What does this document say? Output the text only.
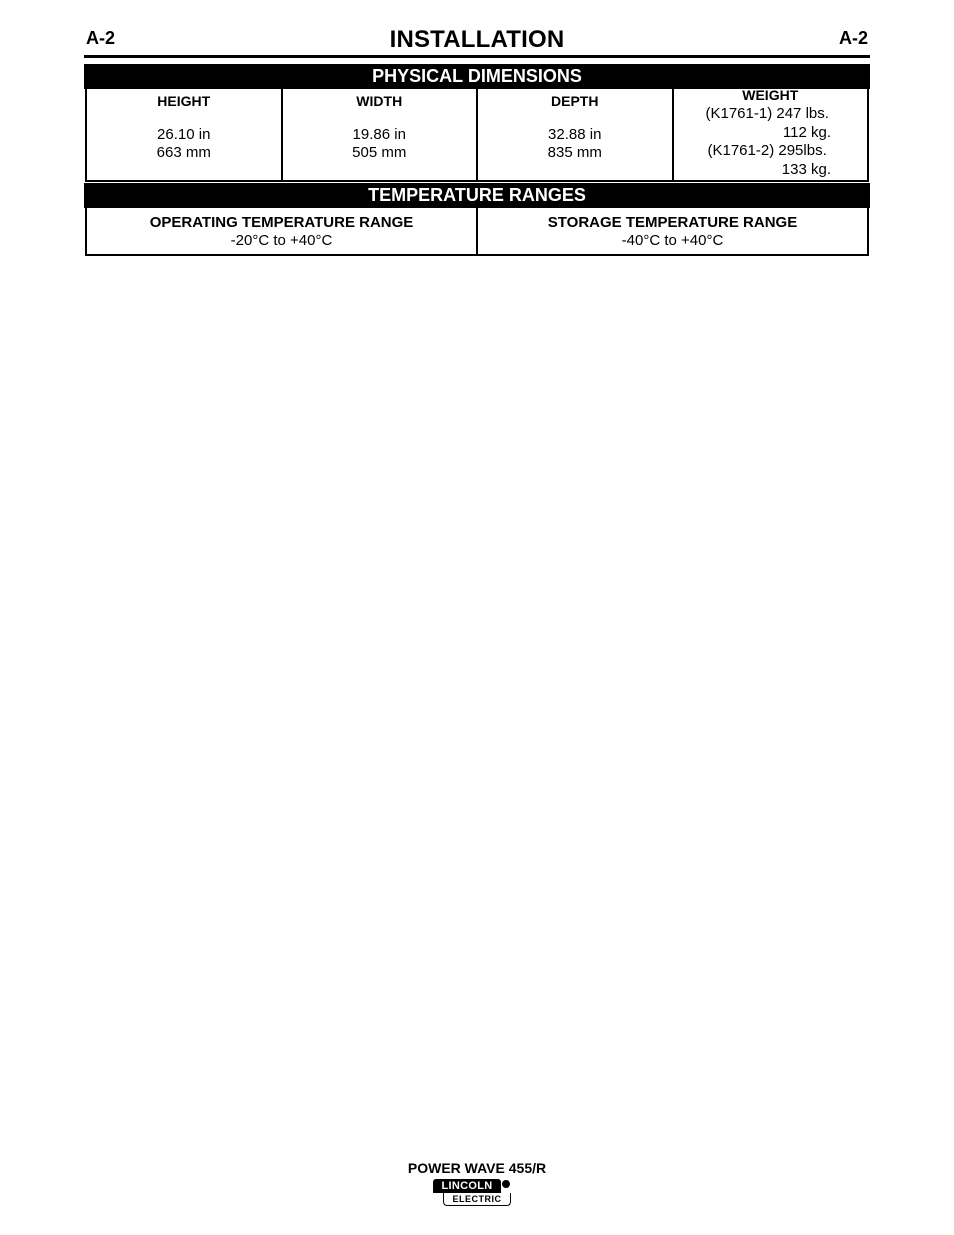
A-2	INSTALLATION	A-2
PHYSICAL DIMENSIONS
HEIGHT
26.10 in
663 mm
WIDTH
19.86 in
505 mm
DEPTH
32.88 in
835 mm
WEIGHT
(K1761-1) 247 lbs.
112 kg.
(K1761-2) 295lbs.
133 kg.
TEMPERATURE RANGES
OPERATING TEMPERATURE RANGE
-20°C to +40°C
STORAGE TEMPERATURE RANGE
-40°C to +40°C
POWER WAVE 455/R
LINCOLN
ELECTRIC
